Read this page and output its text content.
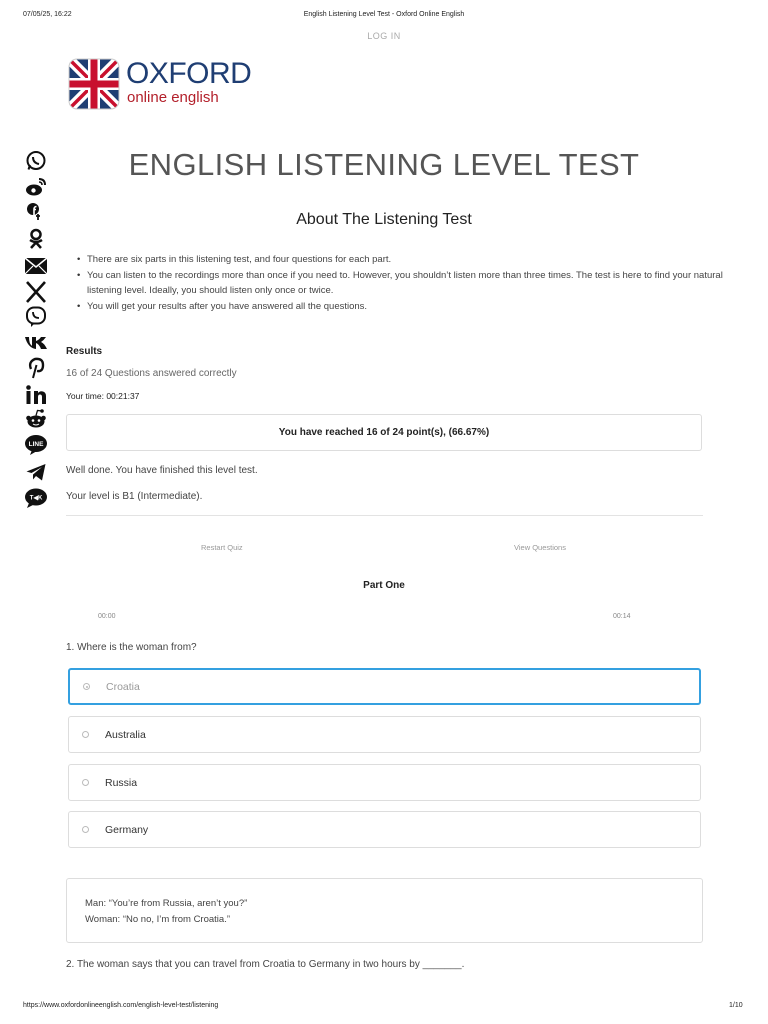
07/05/25, 16:22	English Listening Level Test - Oxford Online English
https://www.oxfordonlineenglish.com/english-level-test/listening	1/10
LOG IN
OXFORD
online english
ENGLISH LISTENING LEVEL TEST
About The Listening Test
• There are six parts in this listening test, and four questions for each part.
• You can listen to the recordings more than once if you need to. However, you shouldn’t listen more than three times. The test is here to find your natural listening level. Ideally, you should listen only once or twice.
• You will get your results after you have answered all the questions.
LINE
T◀K
Results
16 of 24 Questions answered correctly
Your time: 00:21:37
You have reached 16 of 24 point(s), (66.67%)
Well done. You have finished this level test.
Your level is B1 (Intermediate).
Restart Quiz	View Questions
Part One
00:00	00:14
1. Where is the woman from?
Croatia
Australia
Russia
Germany
Man: “You’re from Russia, aren’t you?”
Woman: “No no, I’m from Croatia.”
2. The woman says that you can travel from Croatia to Germany in two hours by _______.
